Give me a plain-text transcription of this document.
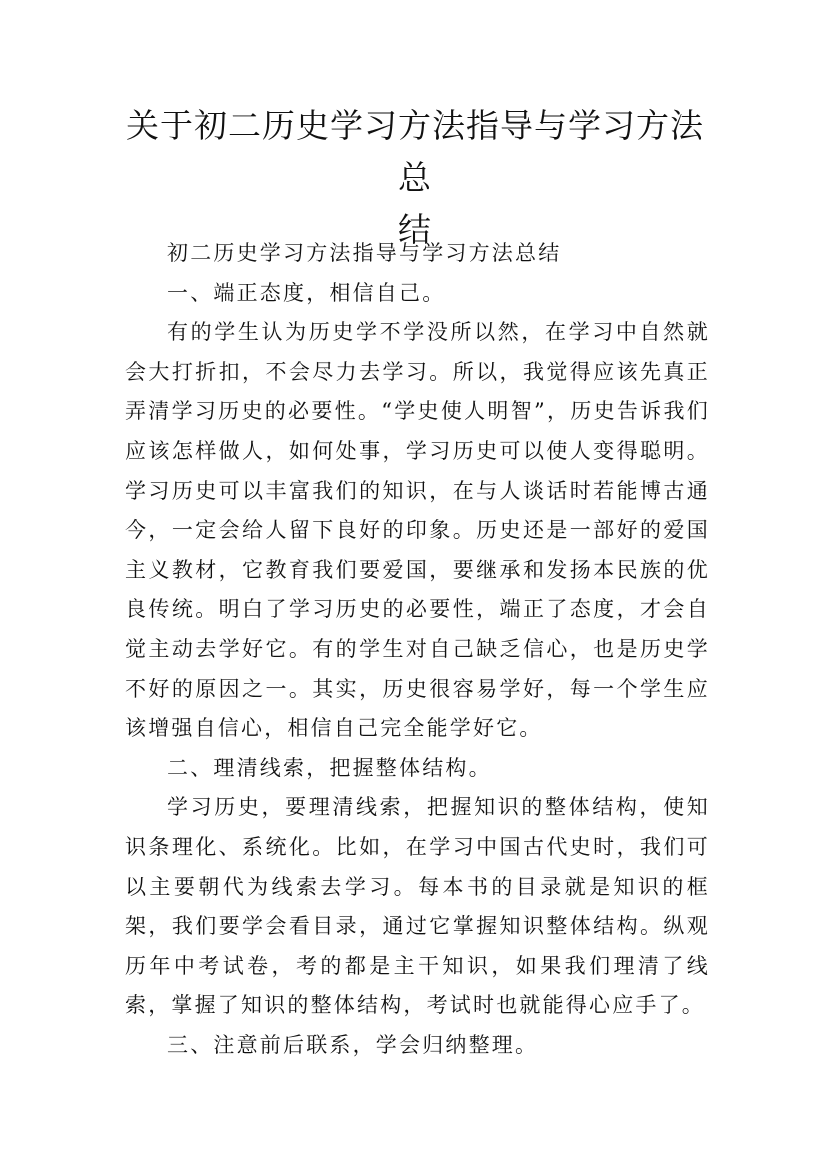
关于初二历史学习方法指导与学习方法总
结

初二历史学习方法指导与学习方法总结

一、端正态度，相信自己。

有的学生认为历史学不学没所以然，在学习中自然就会大打折扣，不会尽力去学习。所以，我觉得应该先真正弄清学习历史的必要性。“学史使人明智”，历史告诉我们应该怎样做人，如何处事，学习历史可以使人变得聪明。学习历史可以丰富我们的知识，在与人谈话时若能博古通今，一定会给人留下良好的印象。历史还是一部好的爱国主义教材，它教育我们要爱国，要继承和发扬本民族的优良传统。明白了学习历史的必要性，端正了态度，才会自觉主动去学好它。有的学生对自己缺乏信心，也是历史学不好的原因之一。其实，历史很容易学好，每一个学生应该增强自信心，相信自己完全能学好它。

二、理清线索，把握整体结构。

学习历史，要理清线索，把握知识的整体结构，使知识条理化、系统化。比如，在学习中国古代史时，我们可以主要朝代为线索去学习。每本书的目录就是知识的框架，我们要学会看目录，通过它掌握知识整体结构。纵观历年中考试卷，考的都是主干知识，如果我们理清了线索，掌握了知识的整体结构，考试时也就能得心应手了。

三、注意前后联系，学会归纳整理。
